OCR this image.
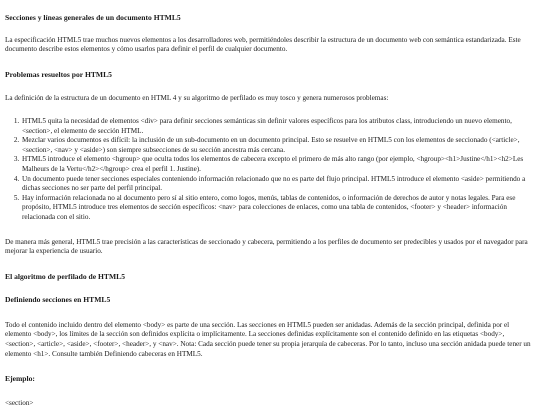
Secciones y líneas generales de un documento HTML5

La especificación HTML5 trae muchos nuevos elementos a los desarrolladores web, permitiéndoles describir la estructura de un documento web con semántica estandarizada. Este documento describe estos elementos y cómo usarlos para definir el perfil de cualquier documento.

Problemas resueltos por HTML5

La definición de la estructura de un documento en HTML 4 y su algoritmo de perfilado es muy tosco y genera numerosos problemas:

1. HTML5 quita la necesidad de elementos <div> para definir secciones semánticas sin definir valores específicos para los atributos class, introduciendo un nuevo elemento, <section>, el elemento de sección HTML.
2. Mezclar varios documentos es difícil: la inclusión de un sub-documento en un documento principal. Esto se resuelve en HTML5 con los elementos de seccionado (<article>, <section>, <nav> y <aside>) son siempre subsecciones de su sección ancestra más cercana.
3. HTML5 introduce el elemento <hgroup> que oculta todos los elementos de cabecera excepto el primero de más alto rango (por ejemplo, <hgroup><h1>Justine</h1><h2>Les Malheurs de la Vertu</h2></hgroup> crea el perfil 1. Justine).
4. Un documento puede tener secciones especiales conteniendo información relacionado que no es parte del flujo principal. HTML5 introduce el elemento <aside> permitiendo a dichas secciones no ser parte del perfil principal.
5. Hay información relacionada no al documento pero sí al sitio entero, como logos, menús, tablas de contenidos, o información de derechos de autor y notas legales. Para ese propósito, HTML5 introduce tres elementos de sección específicos: <nav> para colecciones de enlaces, como una tabla de contenidos, <footer> y <header> información relacionada con el sitio.

De manera más general, HTML5 trae precisión a las características de seccionado y cabecera, permitiendo a los perfiles de documento ser predecibles y usados por el navegador para mejorar la experiencia de usuario.

El algoritmo de perfilado de HTML5
Definiendo secciones en HTML5

Todo el contenido incluido dentro del elemento <body> es parte de una sección. Las secciones en HTML5 pueden ser anidadas. Además de la sección principal, definida por el elemento <body>, los límites de la sección son definidos explícita o implícitamente. La secciones definidas explícitamente son el contenido definido en las etiquetas <body>, <section>, <article>, <aside>, <footer>, <header>, y <nav>. Nota: Cada sección puede tener su propia jerarquía de cabeceras. Por lo tanto, incluso una sección anidada puede tener un elemento <h1>. Consulte también Definiendo cabeceras en HTML5.

Ejemplo:

<section>
